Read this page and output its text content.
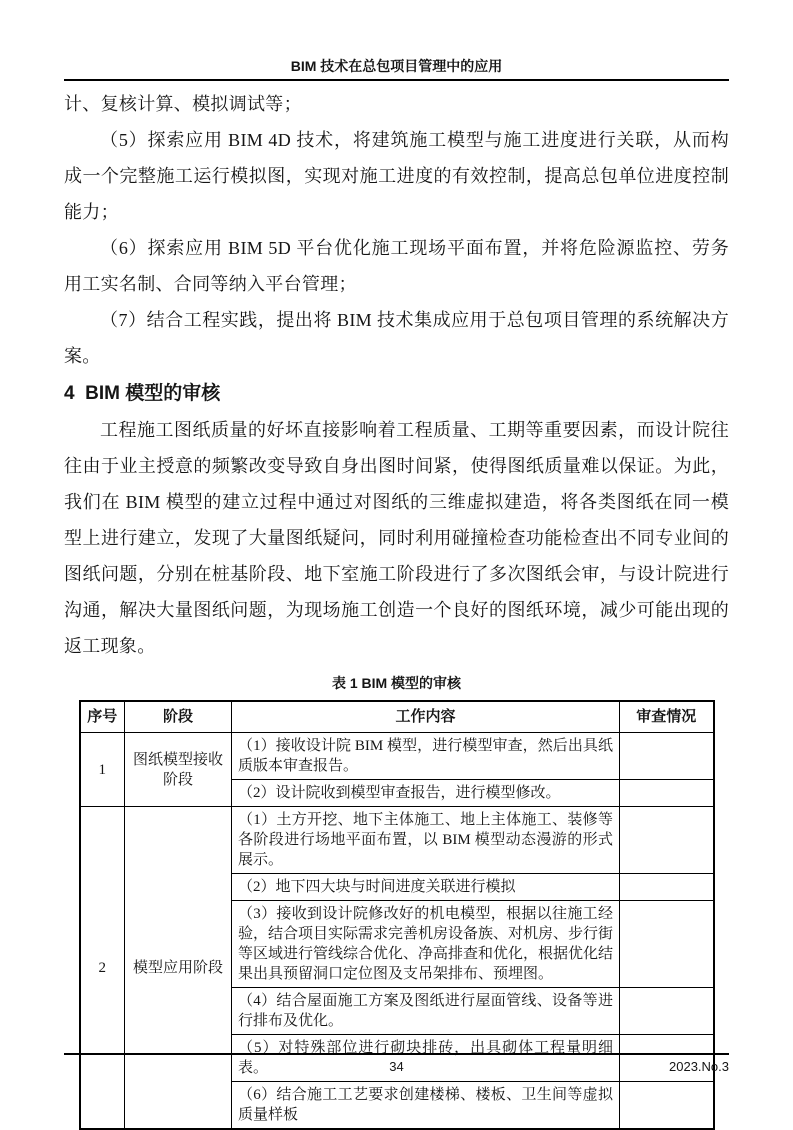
BIM 技术在总包项目管理中的应用

计、复核计算、模拟调试等；

（5）探索应用 BIM 4D 技术，将建筑施工模型与施工进度进行关联，从而构成一个完整施工运行模拟图，实现对施工进度的有效控制，提高总包单位进度控制能力；

（6）探索应用 BIM 5D 平台优化施工现场平面布置，并将危险源监控、劳务用工实名制、合同等纳入平台管理；

（7）结合工程实践，提出将 BIM 技术集成应用于总包项目管理的系统解决方案。

4  BIM 模型的审核

工程施工图纸质量的好坏直接影响着工程质量、工期等重要因素，而设计院往往由于业主授意的频繁改变导致自身出图时间紧，使得图纸质量难以保证。为此，我们在 BIM 模型的建立过程中通过对图纸的三维虚拟建造，将各类图纸在同一模型上进行建立，发现了大量图纸疑问，同时利用碰撞检查功能检查出不同专业间的图纸问题，分别在桩基阶段、地下室施工阶段进行了多次图纸会审，与设计院进行沟通，解决大量图纸问题，为现场施工创造一个良好的图纸环境，减少可能出现的返工现象。

表 1 BIM 模型的审核
序号	阶段	工作内容	审查情况
1	图纸模型接收阶段	（1）接收设计院 BIM 模型，进行模型审查，然后出具纸质版本审查报告。	
		（2）设计院收到模型审查报告，进行模型修改。	
2	模型应用阶段	（1）土方开挖、地下主体施工、地上主体施工、装修等各阶段进行场地平面布置，以 BIM 模型动态漫游的形式展示。	
		（2）地下四大块与时间进度关联进行模拟	
		（3）接收到设计院修改好的机电模型，根据以往施工经验，结合项目实际需求完善机房设备族、对机房、步行街等区域进行管线综合优化、净高排查和优化，根据优化结果出具预留洞口定位图及支吊架排布、预埋图。	
		（4）结合屋面施工方案及图纸进行屋面管线、设备等进行排布及优化。	
		（5）对特殊部位进行砌块排砖，出具砌体工程量明细表。	
		（6）结合施工工艺要求创建楼梯、楼板、卫生间等虚拟质量样板	
34	2023.No.3
